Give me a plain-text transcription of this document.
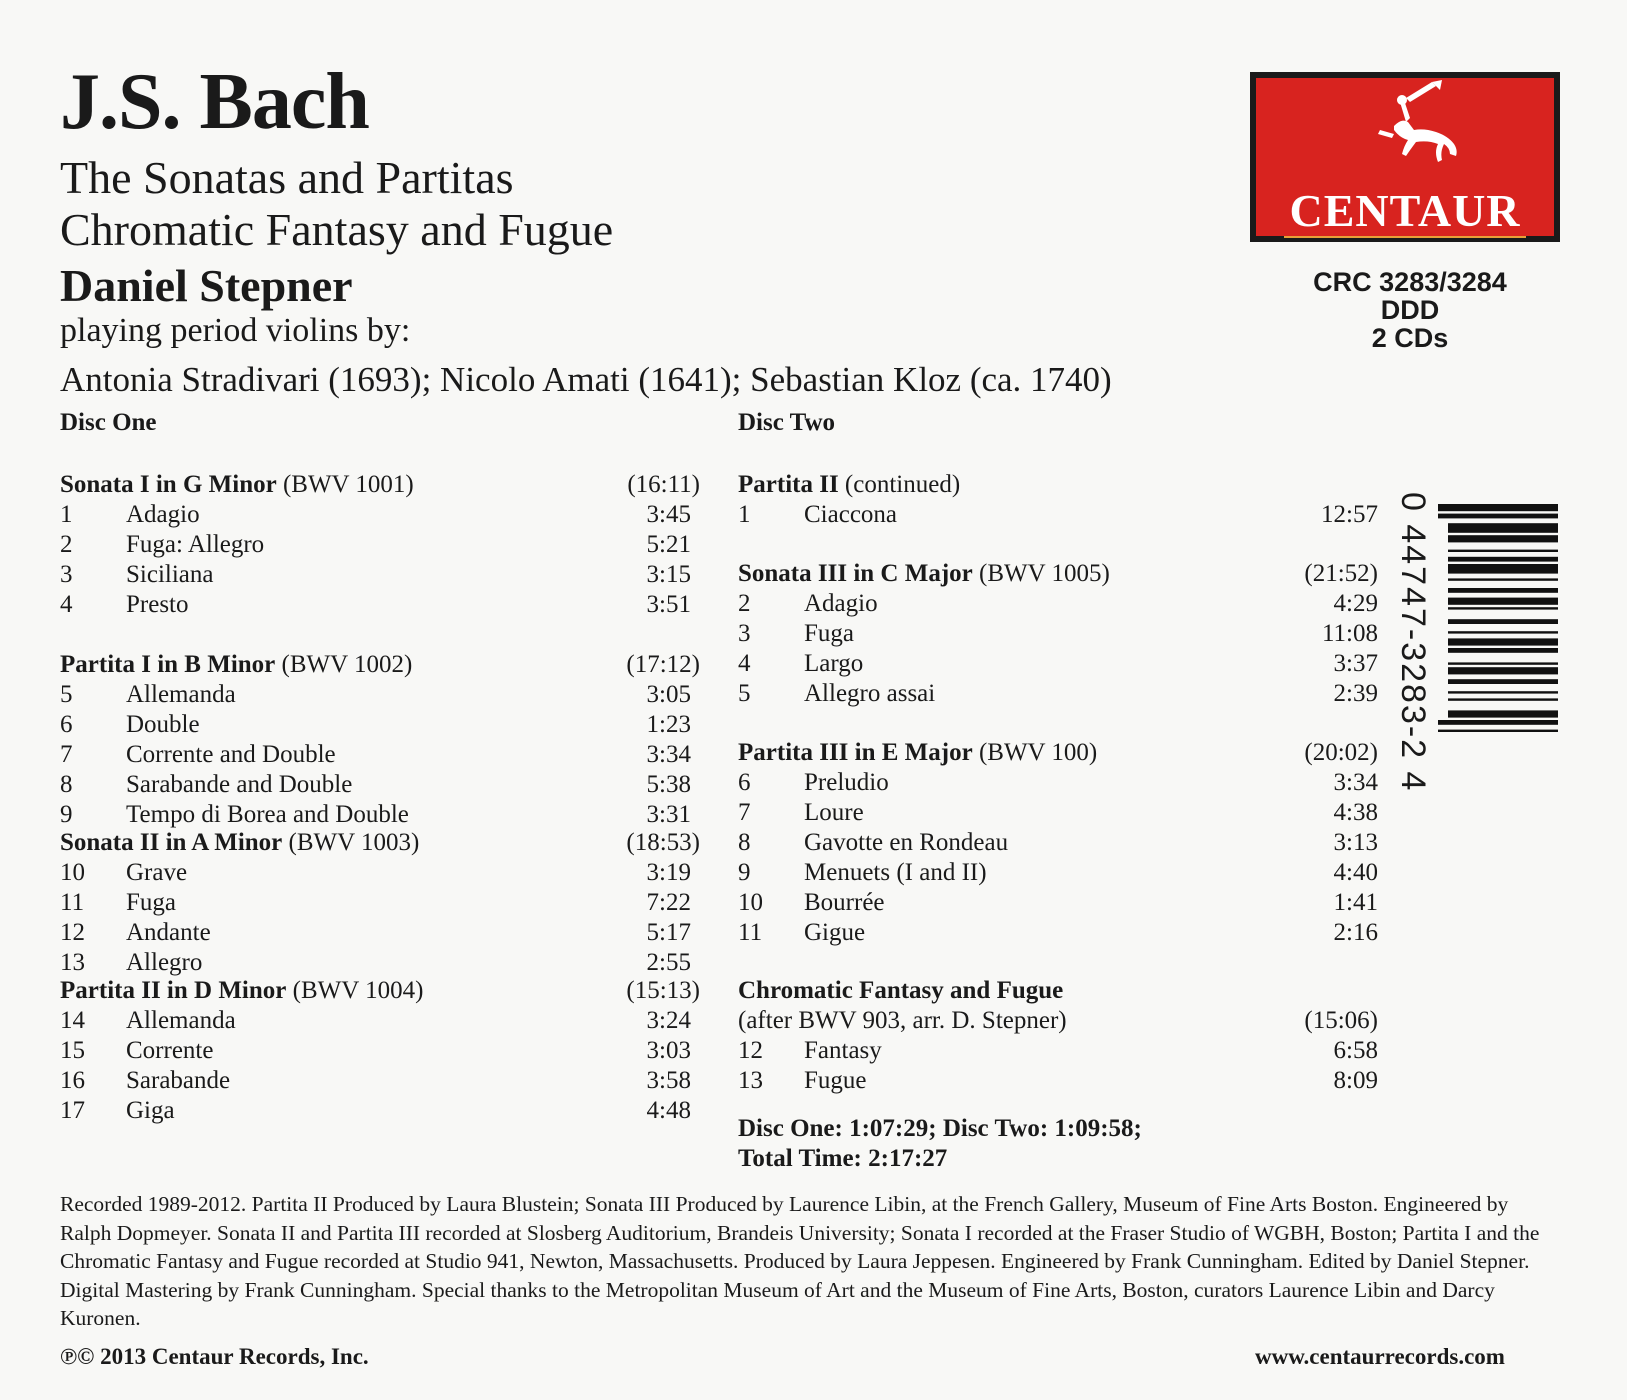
J.S. Bach
The Sonatas and Partitas
Chromatic Fantasy and Fugue
Daniel Stepner
playing period violins by:
Antonia Stradivari (1693); Nicolo Amati (1641); Sebastian Kloz (ca. 1740)
Disc One	Disc Two
CENTAUR
CRC 3283/3284
DDD
2 CDs
0 44747-3283-2 4
Sonata I in G Minor (BWV 1001)	(16:11)
1 Adagio	3:45
2 Fuga: Allegro	5:21
3 Siciliana	3:15
4 Presto	3:51
Partita I in B Minor (BWV 1002)	(17:12)
5 Allemanda	3:05
6 Double	1:23
7 Corrente and Double	3:34
8 Sarabande and Double	5:38
9 Tempo di Borea and Double	3:31
Sonata II in A Minor (BWV 1003)	(18:53)
10 Grave	3:19
11 Fuga	7:22
12 Andante	5:17
13 Allegro	2:55
Partita II in D Minor (BWV 1004)	(15:13)
14 Allemanda	3:24
15 Corrente	3:03
16 Sarabande	3:58
17 Giga	4:48
Partita II (continued)
1 Ciaccona	12:57
Sonata III in C Major (BWV 1005)	(21:52)
2 Adagio	4:29
3 Fuga	11:08
4 Largo	3:37
5 Allegro assai	2:39
Partita III in E Major (BWV 100)	(20:02)
6 Preludio	3:34
7 Loure	4:38
8 Gavotte en Rondeau	3:13
9 Menuets (I and II)	4:40
10 Bourrée	1:41
11 Gigue	2:16
Chromatic Fantasy and Fugue
(after BWV 903, arr. D. Stepner)	(15:06)
12 Fantasy	6:58
13 Fugue	8:09
Disc One: 1:07:29; Disc Two: 1:09:58;
Total Time: 2:17:27
Recorded 1989-2012. Partita II Produced by Laura Blustein; Sonata III Produced by Laurence Libin, at the French Gallery, Museum of Fine Arts Boston. Engineered by Ralph Dopmeyer. Sonata II and Partita III recorded at Slosberg Auditorium, Brandeis University; Sonata I recorded at the Fraser Studio of WGBH, Boston; Partita I and the Chromatic Fantasy and Fugue recorded at Studio 941, Newton, Massachusetts. Produced by Laura Jeppesen. Engineered by Frank Cunningham. Edited by Daniel Stepner. Digital Mastering by Frank Cunningham. Special thanks to the Metropolitan Museum of Art and the Museum of Fine Arts, Boston, curators Laurence Libin and Darcy Kuronen.
℗© 2013 Centaur Records, Inc.	www.centaurrecords.com
